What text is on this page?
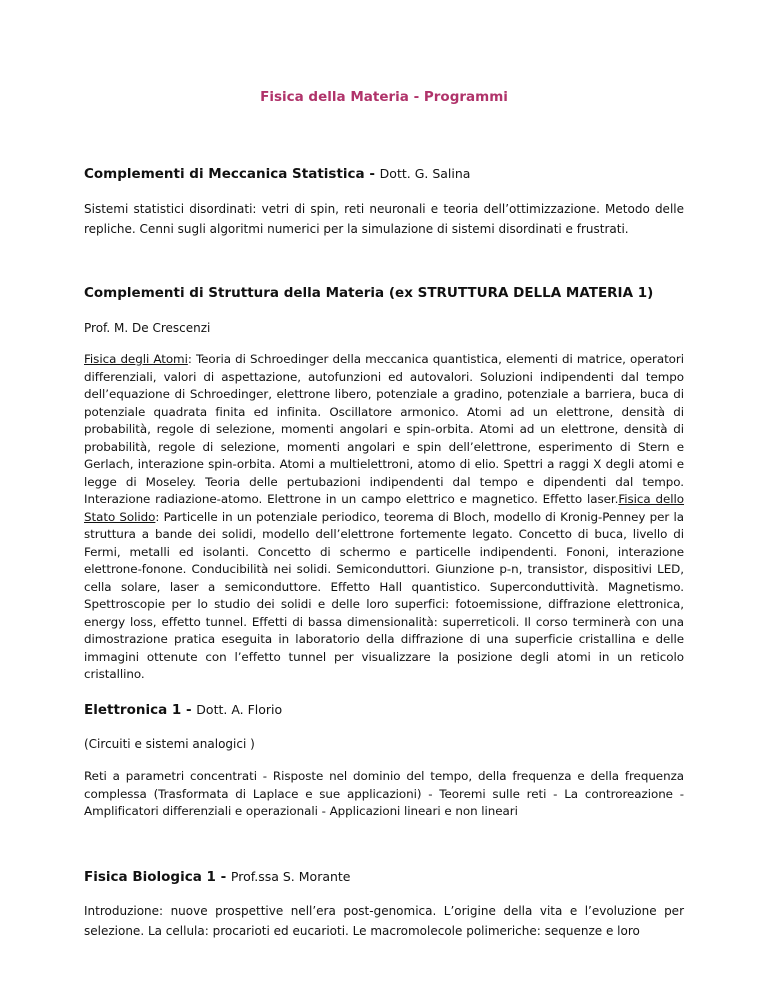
Fisica della Materia - Programmi

Complementi di Meccanica Statistica - Dott. G. Salina

Sistemi statistici disordinati: vetri di spin, reti neuronali e teoria dell’ottimizzazione. Metodo delle repliche. Cenni sugli algoritmi numerici per la simulazione di sistemi disordinati e frustrati.

Complementi di Struttura della Materia (ex STRUTTURA DELLA MATERIA 1)

Prof. M. De Crescenzi

Fisica degli Atomi: Teoria di Schroedinger della meccanica quantistica, elementi di matrice, operatori differenziali, valori di aspettazione, autofunzioni ed autovalori. Soluzioni indipendenti dal tempo dell’equazione di Schroedinger, elettrone libero, potenziale a gradino, potenziale a barriera, buca di potenziale quadrata finita ed infinita. Oscillatore armonico. Atomi ad un elettrone, densità di probabilità, regole di selezione, momenti angolari e spin-orbita. Atomi ad un elettrone, densità di probabilità, regole di selezione, momenti angolari e spin dell’elettrone, esperimento di Stern e Gerlach, interazione spin-orbita. Atomi a multielettroni, atomo di elio. Spettri a raggi X degli atomi e legge di Moseley. Teoria delle pertubazioni indipendenti dal tempo e dipendenti dal tempo. Interazione radiazione-atomo. Elettrone in un campo elettrico e magnetico. Effetto laser.Fisica dello Stato Solido: Particelle in un potenziale periodico, teorema di Bloch, modello di Kronig-Penney per la struttura a bande dei solidi, modello dell’elettrone fortemente legato. Concetto di buca, livello di Fermi, metalli ed isolanti. Concetto di schermo e particelle indipendenti. Fononi, interazione elettrone-fonone. Conducibilità nei solidi. Semiconduttori. Giunzione p-n, transistor, dispositivi LED, cella solare, laser a semiconduttore. Effetto Hall quantistico. Superconduttività. Magnetismo. Spettroscopie per lo studio dei solidi e delle loro superfici: fotoemissione, diffrazione elettronica, energy loss, effetto tunnel. Effetti di bassa dimensionalità: superreticoli. Il corso terminerà con una dimostrazione pratica eseguita in laboratorio della diffrazione di una superficie cristallina e delle immagini ottenute con l’effetto tunnel per visualizzare la posizione degli atomi in un reticolo cristallino.

Elettronica 1 - Dott. A. Florio

(Circuiti e sistemi analogici )

Reti a parametri concentrati - Risposte nel dominio del tempo, della frequenza e della frequenza complessa (Trasformata di Laplace e sue applicazioni) - Teoremi sulle reti - La controreazione - Amplificatori differenziali e operazionali - Applicazioni lineari e non lineari

Fisica Biologica 1 - Prof.ssa S. Morante

Introduzione: nuove prospettive nell’era post-genomica. L’origine della vita e l’evoluzione per selezione. La cellula: procarioti ed eucarioti. Le macromolecole polimeriche: sequenze e loro
